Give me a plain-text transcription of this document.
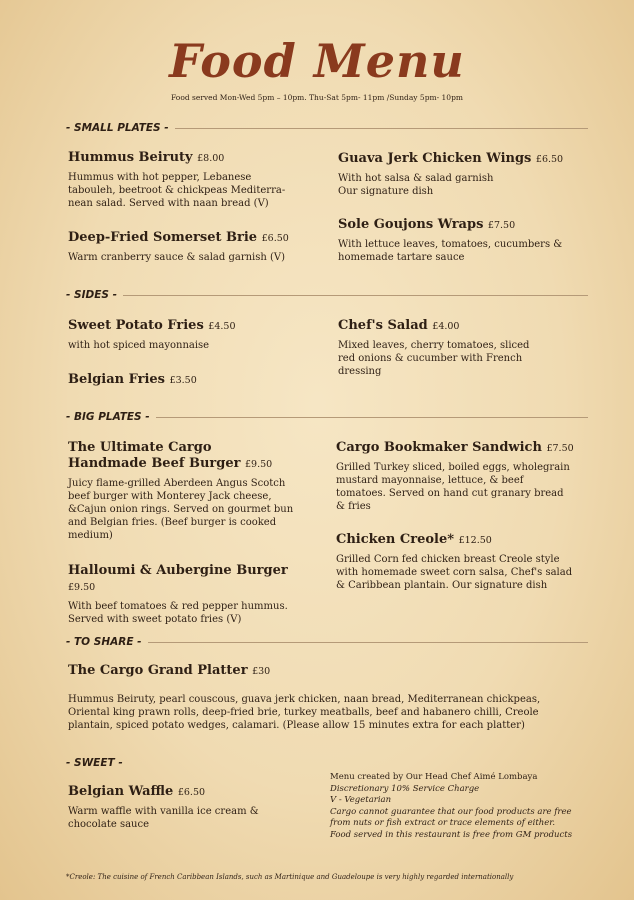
Food Menu
Food served Mon-Wed 5pm – 10pm. Thu-Sat 5pm- 11pm /Sunday 5pm- 10pm
- SMALL PLATES -
Hummus Beiruty £8.00
Hummus with hot pepper, Lebanese tabouleh, beetroot & chickpeas Mediterra-nean salad. Served with naan bread (V)
Deep-Fried Somerset Brie £6.50
Warm cranberry sauce & salad garnish (V)
Guava Jerk Chicken Wings £6.50
With hot salsa & salad garnish Our signature dish
Sole Goujons Wraps £7.50
With lettuce leaves, tomatoes, cucumbers & homemade tartare sauce
- SIDES -
Sweet Potato Fries £4.50
with hot spiced mayonnaise
Belgian Fries £3.50
Chef's Salad £4.00
Mixed leaves, cherry tomatoes, sliced red onions & cucumber with French dressing
- BIG PLATES -
The Ultimate Cargo Handmade Beef Burger £9.50
Juicy flame-grilled Aberdeen Angus Scotch beef burger with Monterey Jack cheese, &Cajun onion rings. Served on gourmet bun and Belgian fries. (Beef burger is cooked medium)
Halloumi & Aubergine Burger £9.50
With beef tomatoes & red pepper hummus. Served with sweet potato fries (V)
Cargo Bookmaker Sandwich £7.50
Grilled Turkey sliced, boiled eggs, wholegrain mustard mayonnaise, lettuce, & beef tomatoes. Served on hand cut granary bread & fries
Chicken Creole* £12.50
Grilled Corn fed chicken breast Creole style with homemade sweet corn salsa, Chef's salad & Caribbean plantain. Our signature dish
- TO SHARE -
The Cargo Grand Platter £30
Hummus Beiruty, pearl couscous, guava jerk chicken, naan bread, Mediterranean chickpeas, Oriental king prawn rolls, deep-fried brie, turkey meatballs, beef and habanero chilli, Creole plantain, spiced potato wedges, calamari. (Please allow 15 minutes extra for each platter)
- SWEET -
Belgian Waffle £6.50
Warm waffle with vanilla ice cream & chocolate sauce
Menu created by Our Head Chef Aimé Lombaya
Discretionary 10% Service Charge
V - Vegetarian
Cargo cannot guarantee that our food products are free from nuts or fish extract or trace elements of either.
Food served in this restaurant is free from GM products
*Creole: The cuisine of French Caribbean Islands, such as Martinique and Guadeloupe is very highly regarded internationally
